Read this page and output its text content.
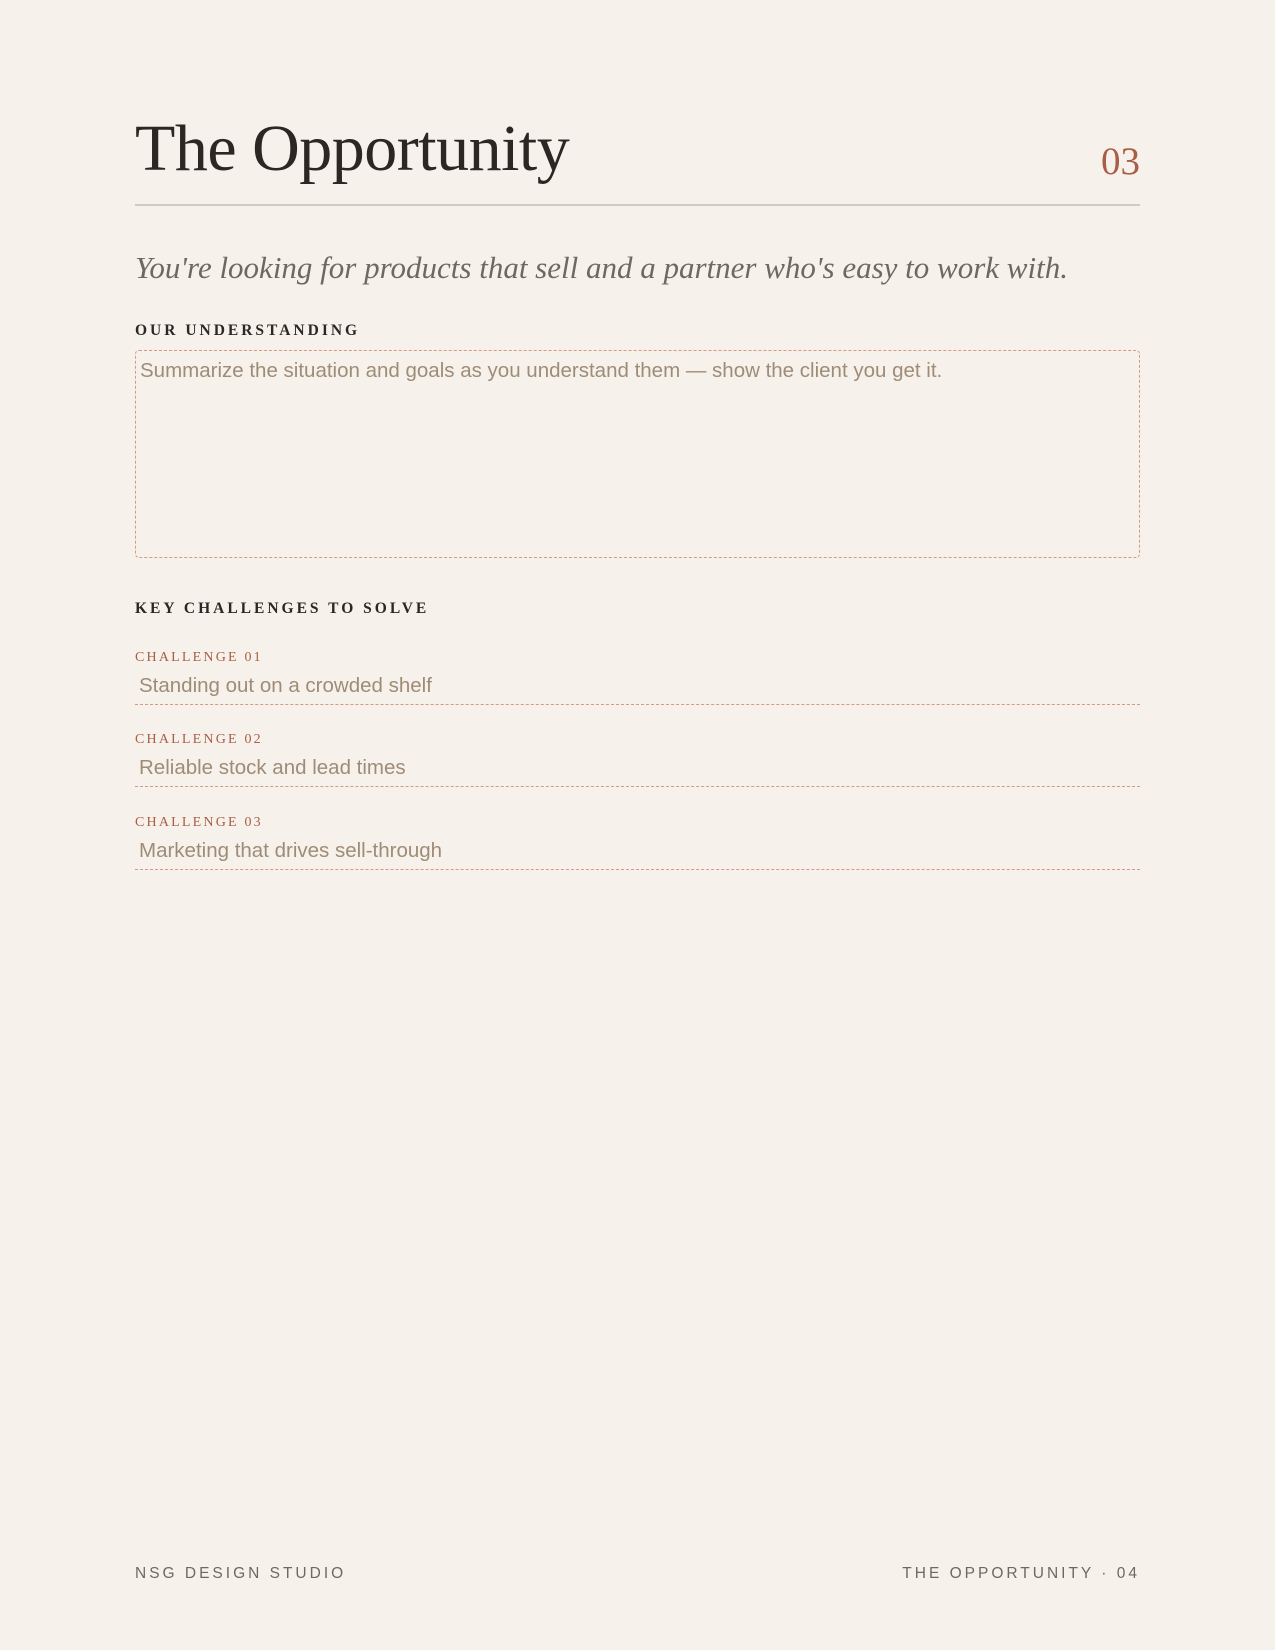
The Opportunity	03

You're looking for products that sell and a partner who's easy to work with.

OUR UNDERSTANDING
Summarize the situation and goals as you understand them — show the client you get it.
KEY CHALLENGES TO SOLVE
CHALLENGE 01
Standing out on a crowded shelf
CHALLENGE 02
Reliable stock and lead times
CHALLENGE 03
Marketing that drives sell-through
NSG DESIGN STUDIO	THE OPPORTUNITY · 04
